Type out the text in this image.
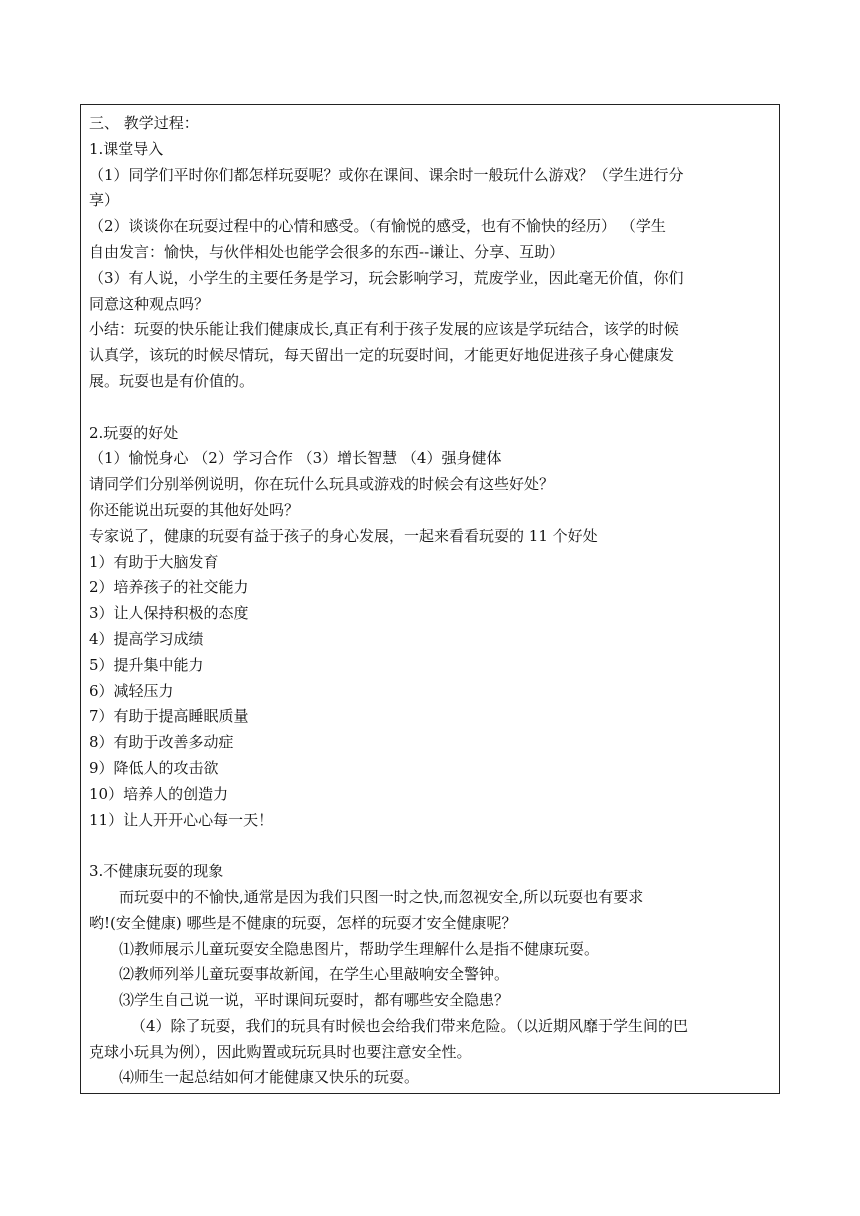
三、 教学过程：

1.课堂导入

（1）同学们平时你们都怎样玩耍呢？或你在课间、课余时一般玩什么游戏？（学生进行分

享）

（2）谈谈你在玩耍过程中的心情和感受。（有愉悦的感受，也有不愉快的经历） （学生

自由发言：愉快，与伙伴相处也能学会很多的东西--谦让、分享、互助）

（3）有人说，小学生的主要任务是学习，玩会影响学习，荒废学业，因此毫无价值，你们

同意这种观点吗？

小结：玩耍的快乐能让我们健康成长,真正有利于孩子发展的应该是学玩结合，该学的时候

认真学，该玩的时候尽情玩，每天留出一定的玩耍时间，才能更好地促进孩子身心健康发

展。玩耍也是有价值的。

2.玩耍的好处

（1）愉悦身心 （2）学习合作 （3）增长智慧 （4）强身健体

请同学们分别举例说明，你在玩什么玩具或游戏的时候会有这些好处？

你还能说出玩耍的其他好处吗？

专家说了，健康的玩耍有益于孩子的身心发展，一起来看看玩耍的 11 个好处

1）有助于大脑发育

2）培养孩子的社交能力

3）让人保持积极的态度

4）提高学习成绩

5）提升集中能力

6）减轻压力

7）有助于提高睡眠质量

8）有助于改善多动症

9）降低人的攻击欲

10）培养人的创造力

11）让人开开心心每一天！

3.不健康玩耍的现象

而玩耍中的不愉快,通常是因为我们只图一时之快,而忽视安全,所以玩耍也有要求

哟!(安全健康) 哪些是不健康的玩耍，怎样的玩耍才安全健康呢？

⑴教师展示儿童玩耍安全隐患图片，帮助学生理解什么是指不健康玩耍。

⑵教师列举儿童玩耍事故新闻，在学生心里敲响安全警钟。

⑶学生自己说一说，平时课间玩耍时，都有哪些安全隐患？

（4）除了玩耍，我们的玩具有时候也会给我们带来危险。（以近期风靡于学生间的巴

克球小玩具为例），因此购置或玩玩具时也要注意安全性。

⑷师生一起总结如何才能健康又快乐的玩耍。
